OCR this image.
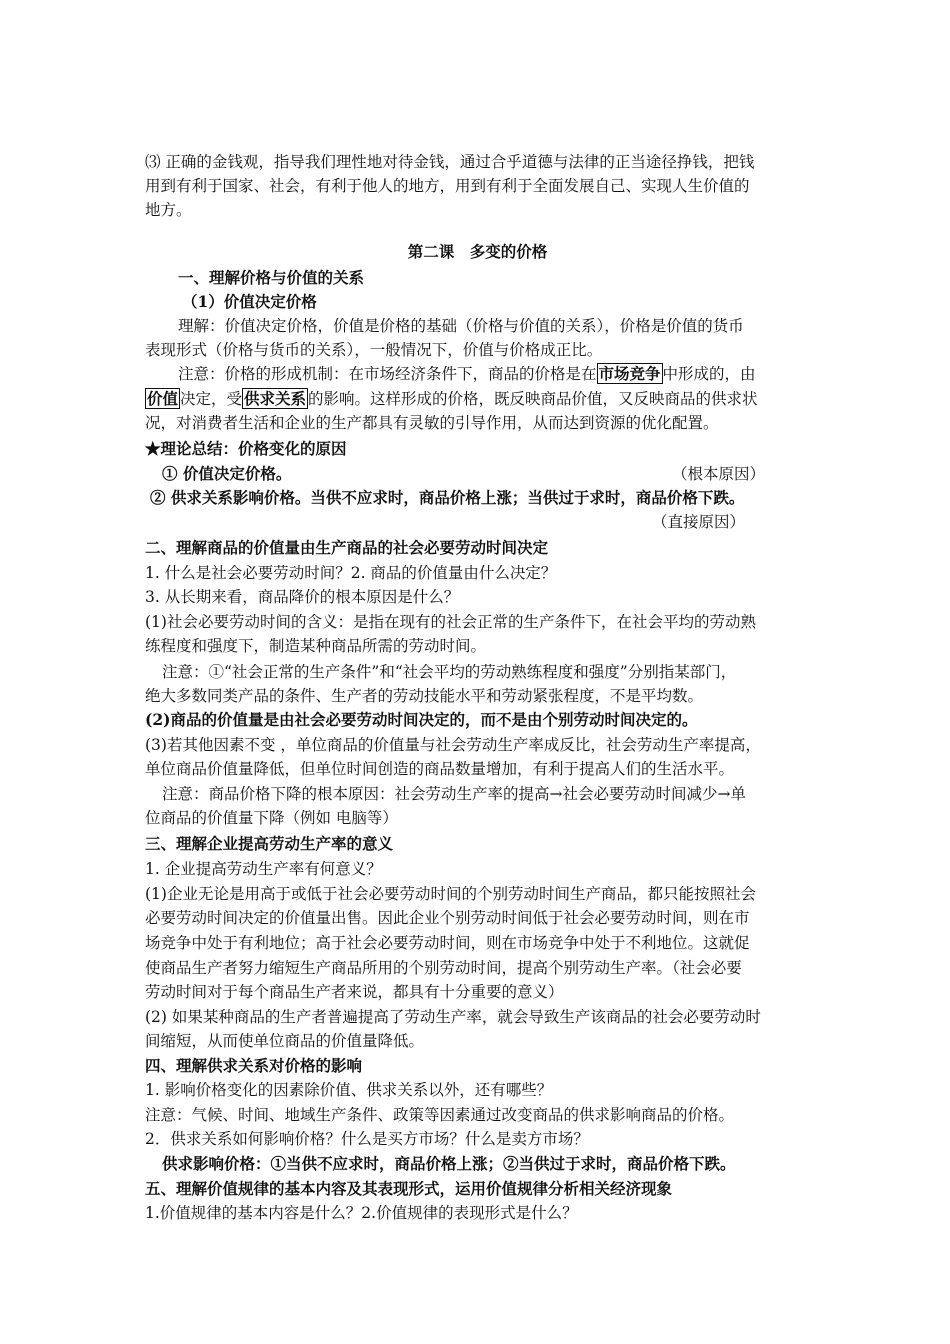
⑶ 正确的金钱观，指导我们理性地对待金钱，通过合乎道德与法律的正当途径挣钱，把钱
用到有利于国家、社会，有利于他人的地方，用到有利于全面发展自己、实现人生价值的
地方。
第二课　多变的价格
一、理解价格与价值的关系
（1）价值决定价格
理解：价值决定价格，价值是价格的基础（价格与价值的关系），价格是价值的货币
表现形式（价格与货币的关系），一般情况下，价值与价格成正比。
注意：价格的形成机制：在市场经济条件下，商品的价格是在 市场竞争 中形成的，由
价值 决定，受 供求关系 的影响。这样形成的价格，既反映商品价值，又反映商品的供求状
况，对消费者生活和企业的生产都具有灵敏的引导作用，从而达到资源的优化配置。
★理论总结：价格变化的原因
① 价值决定价格。	（根本原因）
② 供求关系影响价格。当供不应求时，商品价格上涨；当供过于求时，商品价格下跌。
（直接原因）
二、理解商品的价值量由生产商品的社会必要劳动时间决定
1. 什么是社会必要劳动时间？2. 商品的价值量由什么决定？
3. 从长期来看，商品降价的根本原因是什么？
(1)社会必要劳动时间的含义：是指在现有的社会正常的生产条件下，在社会平均的劳动熟
练程度和强度下，制造某种商品所需的劳动时间。
注意：①“社会正常的生产条件”和“社会平均的劳动熟练程度和强度”分别指某部门，
绝大多数同类产品的条件、生产者的劳动技能水平和劳动紧张程度，不是平均数。
(2)商品的价值量是由社会必要劳动时间决定的，而不是由个别劳动时间决定的。
(3)若其他因素不变 ，单位商品的价值量与社会劳动生产率成反比，社会劳动生产率提高，
单位商品价值量降低，但单位时间创造的商品数量增加，有利于提高人们的生活水平。
注意：商品价格下降的根本原因：社会劳动生产率的提高→社会必要劳动时间减少→单
位商品的价值量下降（例如 电脑等）
三、理解企业提高劳动生产率的意义
1. 企业提高劳动生产率有何意义？
(1)企业无论是用高于或低于社会必要劳动时间的个别劳动时间生产商品，都只能按照社会
必要劳动时间决定的价值量出售。因此企业个别劳动时间低于社会必要劳动时间，则在市
场竞争中处于有利地位；高于社会必要劳动时间，则在市场竞争中处于不利地位。这就促
使商品生产者努力缩短生产商品所用的个别劳动时间，提高个别劳动生产率。（社会必要
劳动时间对于每个商品生产者来说，都具有十分重要的意义）
(2) 如果某种商品的生产者普遍提高了劳动生产率，就会导致生产该商品的社会必要劳动时
间缩短，从而使单位商品的价值量降低。
四、理解供求关系对价格的影响
1. 影响价格变化的因素除价值、供求关系以外，还有哪些？
注意：气候、时间、地域生产条件、政策等因素通过改变商品的供求影响商品的价格。
2．供求关系如何影响价格？什么是买方市场？什么是卖方市场？
供求影响价格：①当供不应求时，商品价格上涨；②当供过于求时，商品价格下跌。
五、理解价值规律的基本内容及其表现形式，运用价值规律分析相关经济现象
1.价值规律的基本内容是什么？2.价值规律的表现形式是什么？
